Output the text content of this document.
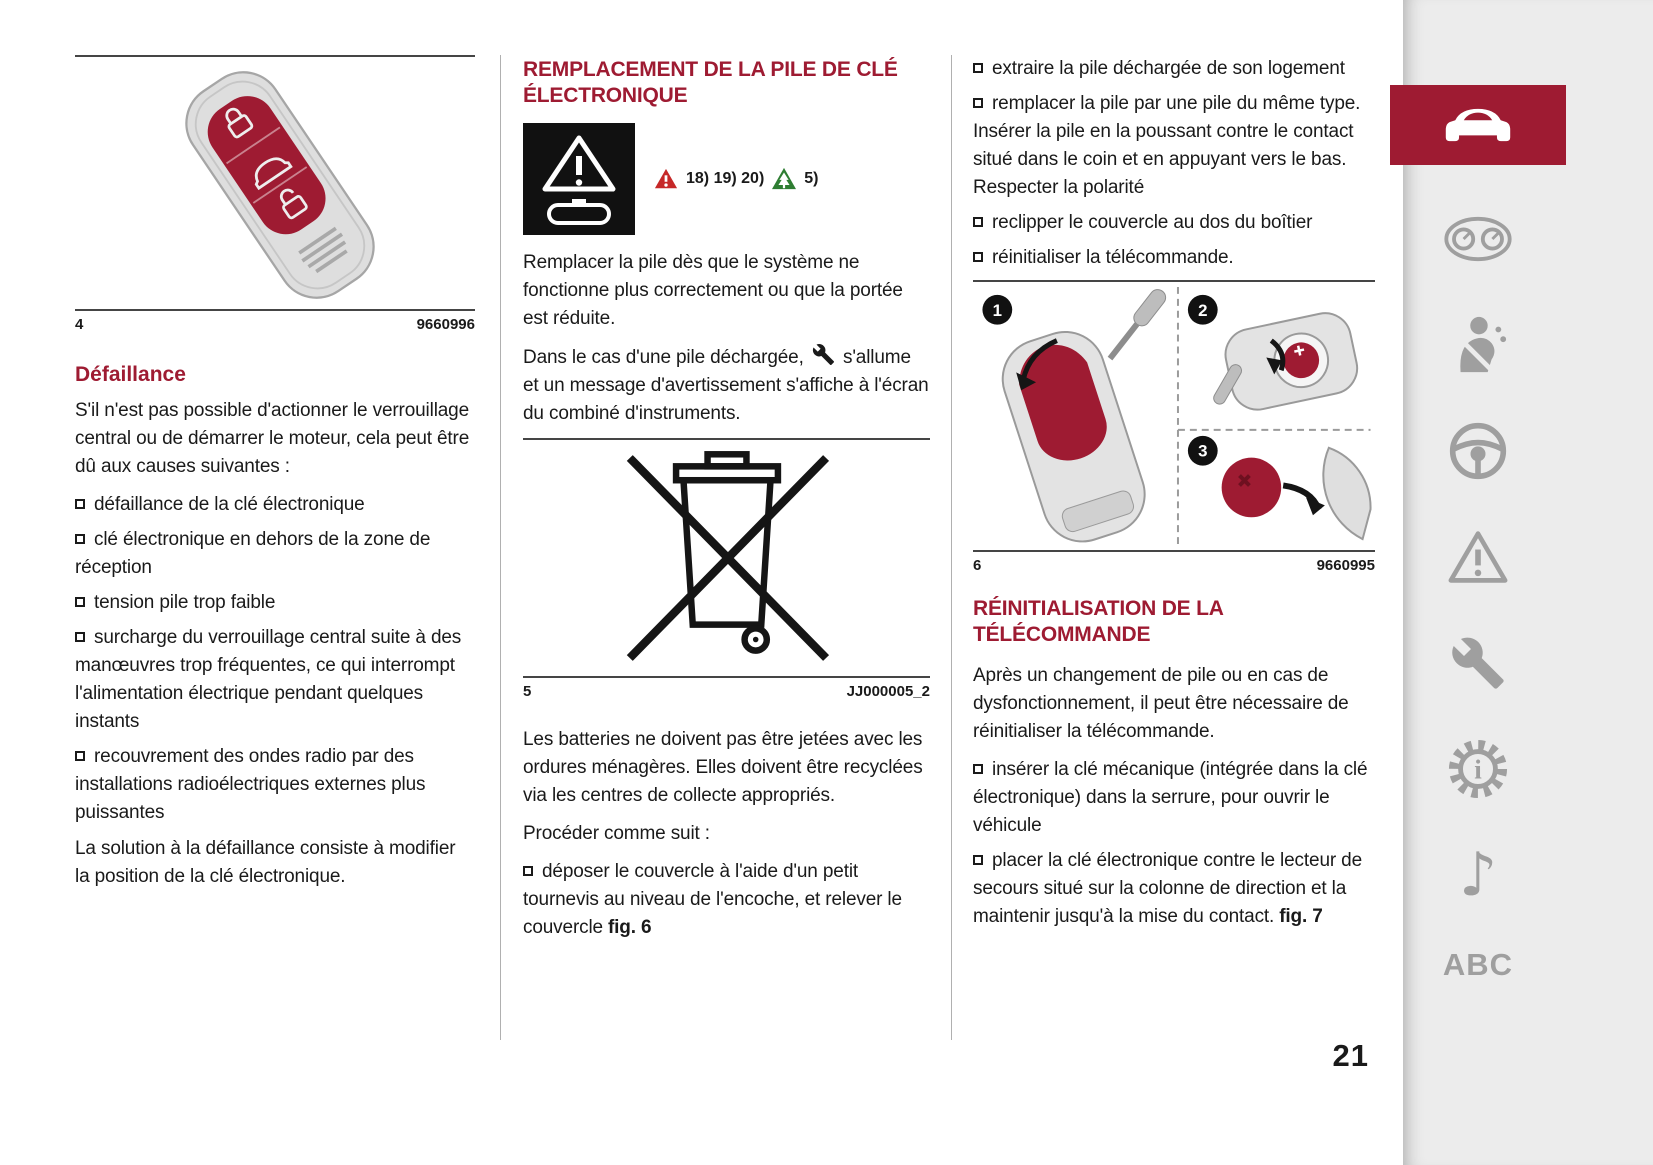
4	9660996
Défaillance

S'il n'est pas possible d'actionner le verrouillage central ou de démarrer le moteur, cela peut être dû aux causes suivantes :

défaillance de la clé électronique
clé électronique en dehors de la zone de réception
tension pile trop faible
surcharge du verrouillage central suite à des manœuvres trop fréquentes, ce qui interrompt l'alimentation électrique pendant quelques instants
recouvrement des ondes radio par des installations radioélectriques externes plus puissantes

La solution à la défaillance consiste à modifier la position de la clé électronique.

REMPLACEMENT DE LA PILE DE CLÉ ÉLECTRONIQUE
18) 19) 20)	5)

Remplacer la pile dès que le système ne fonctionne plus correctement ou que la portée est réduite.

Dans le cas d'une pile déchargée, s'allume et un message d'avertissement s'affiche à l'écran du combiné d'instruments.

5	JJ000005_2

Les batteries ne doivent pas être jetées avec les ordures ménagères. Elles doivent être recyclées via les centres de collecte appropriés.

Procéder comme suit :

déposer le couvercle à l'aide d'un petit tournevis au niveau de l'encoche, et relever le couvercle fig. 6
extraire la pile déchargée de son logement
remplacer la pile par une pile du même type. Insérer la pile en la poussant contre le contact situé dans le coin et en appuyant vers le bas. Respecter la polarité
reclipper le couvercle au dos du boîtier
réinitialiser la télécommande.
1	2
3
6	9660995
RÉINITIALISATION DE LA TÉLÉCOMMANDE

Après un changement de pile ou en cas de dysfonctionnement, il peut être nécessaire de réinitialiser la télécommande.

insérer la clé mécanique (intégrée dans la clé électronique) dans la serrure, pour ouvrir le véhicule
placer la clé électronique contre le lecteur de secours situé sur la colonne de direction et la maintenir jusqu'à la mise du contact. fig. 7
21
i
♪
ABC
